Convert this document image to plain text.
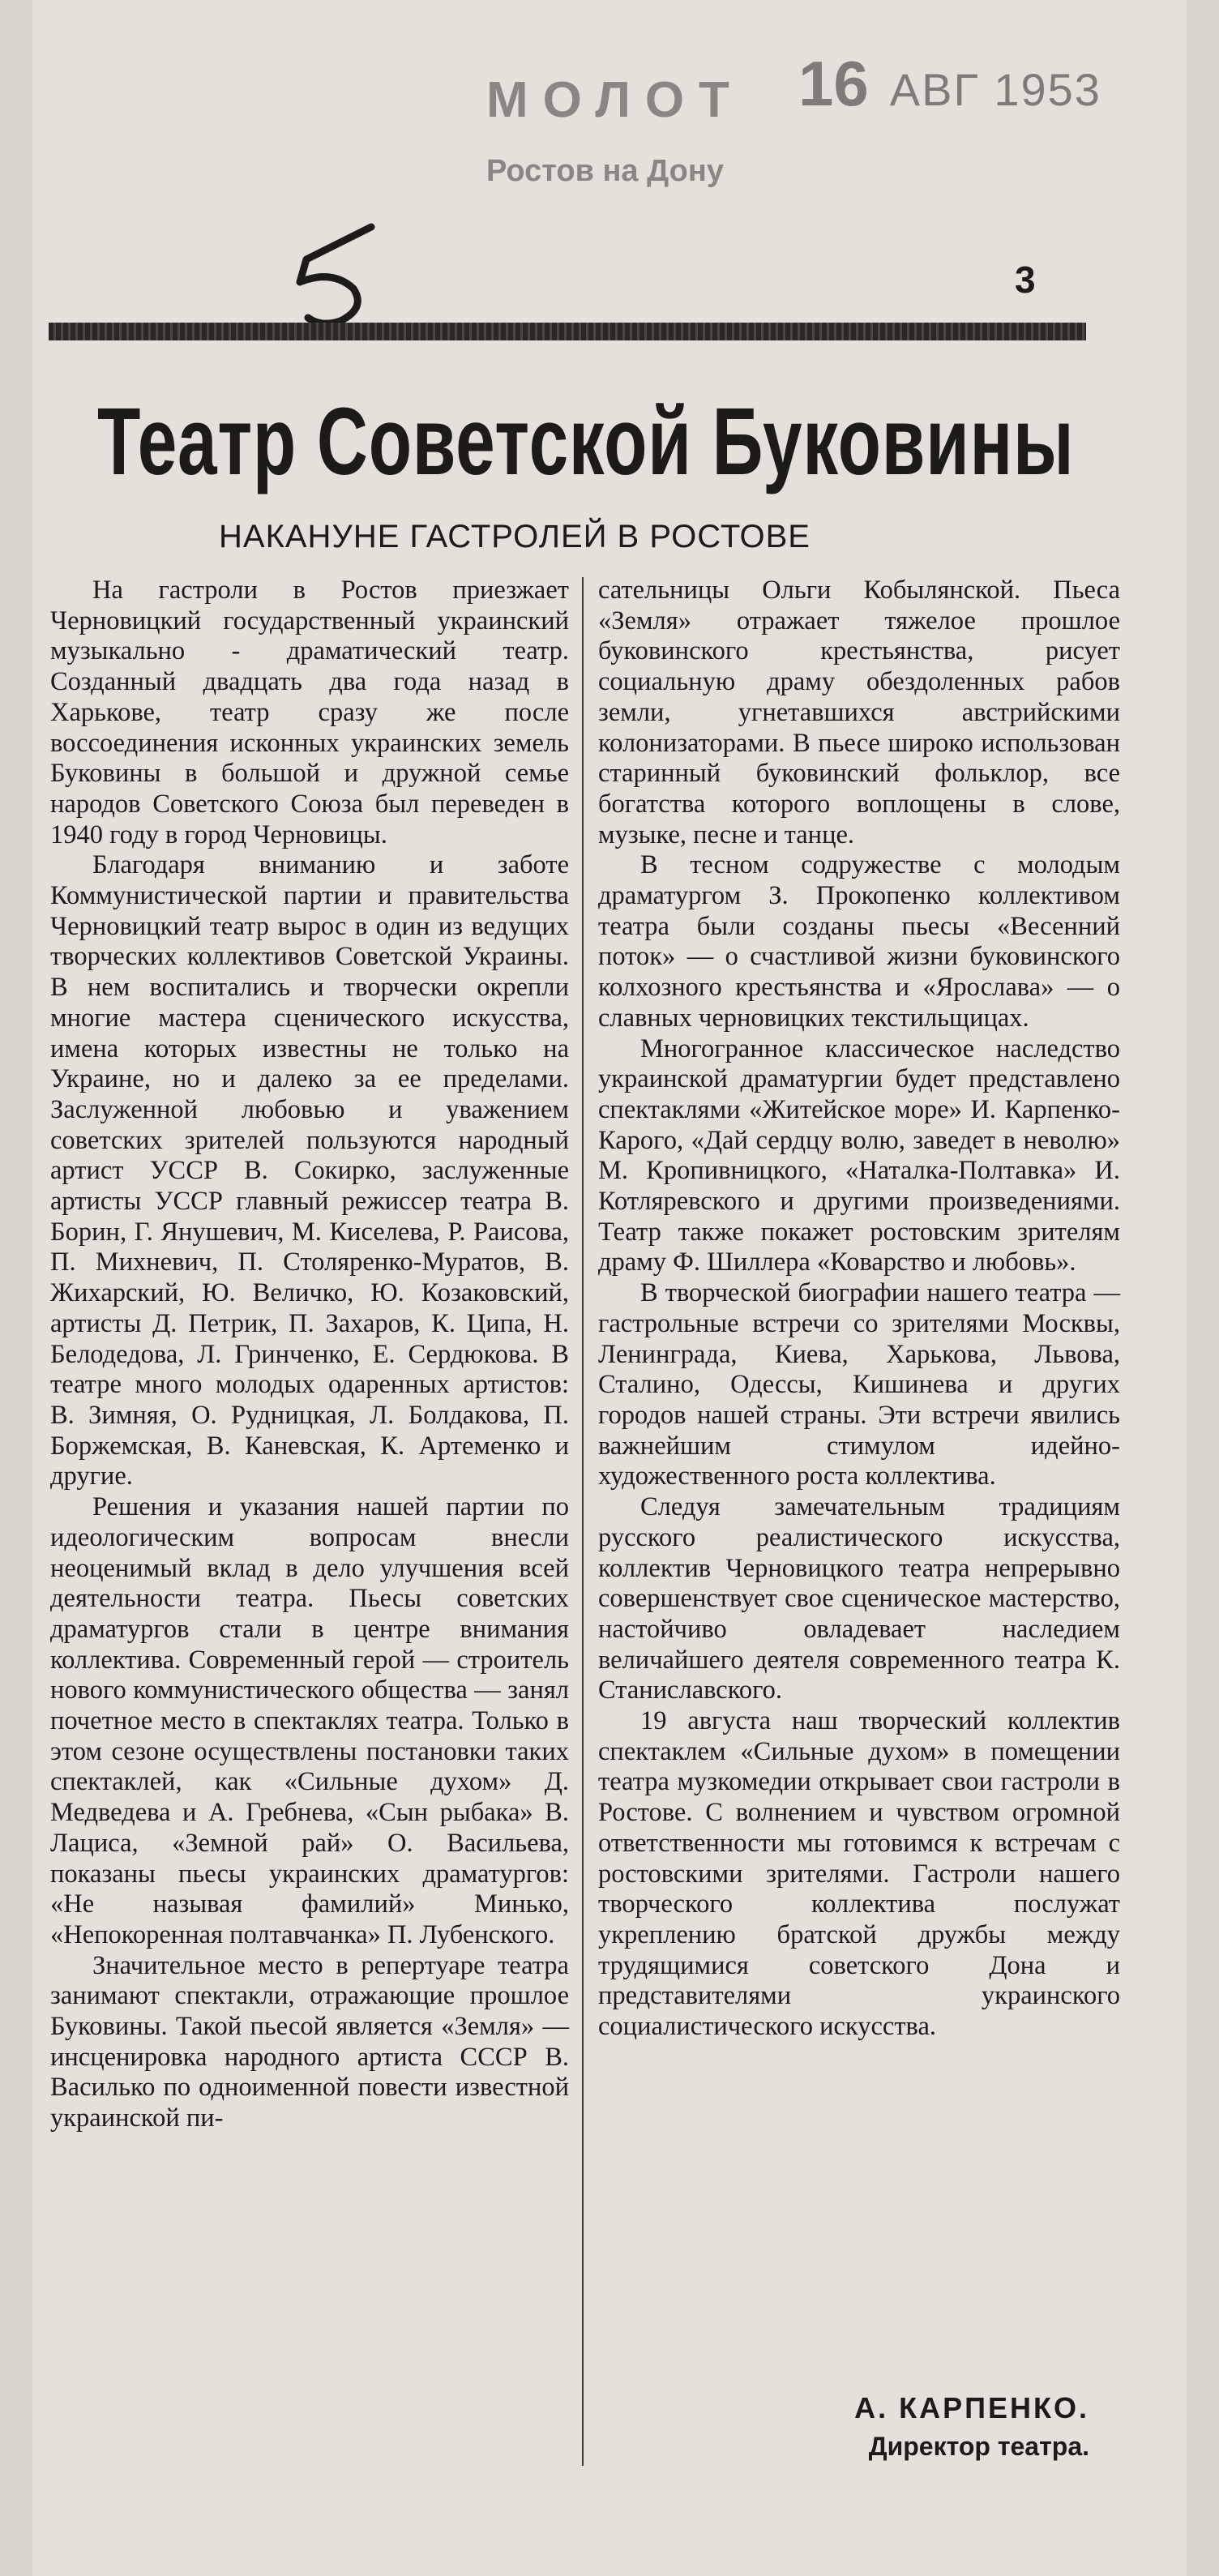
МОЛОТ
Ростов на Дону
16 АВГ 1953
3
Театр Советской Буковины
НАКАНУНЕ ГАСТРОЛЕЙ В РОСТОВЕ

На гастроли в Ростов приезжает Черновицкий государственный украинский музыкально - драматический театр. Созданный двадцать два года назад в Харькове, театр сразу же после воссоединения исконных украинских земель Буковины в большой и дружной семье народов Советского Союза был переведен в 1940 году в город Черновицы.

Благодаря вниманию и заботе Коммунистической партии и правительства Черновицкий театр вырос в один из ведущих творческих коллективов Советской Украины. В нем воспитались и творчески окрепли многие мастера сценического искусства, имена которых известны не только на Украине, но и далеко за ее пределами. Заслуженной любовью и уважением советских зрителей пользуются народный артист УССР В. Сокирко, заслуженные артисты УССР главный режиссер театра В. Борин, Г. Янушевич, М. Киселева, Р. Раисова, П. Михневич, П. Столяренко-Муратов, В. Жихарский, Ю. Величко, Ю. Козаковский, артисты Д. Петрик, П. Захаров, К. Ципа, Н. Белодедова, Л. Гринченко, Е. Сердюкова. В театре много молодых одаренных артистов: В. Зимняя, О. Рудницкая, Л. Болдакова, П. Боржемская, В. Каневская, К. Артеменко и другие.

Решения и указания нашей партии по идеологическим вопросам внесли неоценимый вклад в дело улучшения всей деятельности театра. Пьесы советских драматургов стали в центре внимания коллектива. Современный герой — строитель нового коммунистического общества — занял почетное место в спектаклях театра. Только в этом сезоне осуществлены постановки таких спектаклей, как «Сильные духом» Д. Медведева и А. Гребнева, «Сын рыбака» В. Лациса, «Земной рай» О. Васильева, показаны пьесы украинских драматургов: «Не называя фамилий» Минько, «Непокоренная полтавчанка» П. Лубенского.

Значительное место в репертуаре театра занимают спектакли, отражающие прошлое Буковины. Такой пьесой является «Земля» — инсценировка народного артиста СССР В. Василько по одноименной повести известной украинской пи-

сательницы Ольги Кобылянской. Пьеса «Земля» отражает тяжелое прошлое буковинского крестьянства, рисует социальную драму обездоленных рабов земли, угнетавшихся австрийскими колонизаторами. В пьесе широко использован старинный буковинский фольклор, все богатства которого воплощены в слове, музыке, песне и танце.

В тесном содружестве с молодым драматургом З. Прокопенко коллективом театра были созданы пьесы «Весенний поток» — о счастливой жизни буковинского колхозного крестьянства и «Ярослава» — о славных черновицких текстильщицах.

Многогранное классическое наследство украинской драматургии будет представлено спектаклями «Житейское море» И. Карпенко-Карого, «Дай сердцу волю, заведет в неволю» М. Кропивницкого, «Наталка-Полтавка» И. Котляревского и другими произведениями. Театр также покажет ростовским зрителям драму Ф. Шиллера «Коварство и любовь».

В творческой биографии нашего театра — гастрольные встречи со зрителями Москвы, Ленинграда, Киева, Харькова, Львова, Сталино, Одессы, Кишинева и других городов нашей страны. Эти встречи явились важнейшим стимулом идейно-художественного роста коллектива.

Следуя замечательным традициям русского реалистического искусства, коллектив Черновицкого театра непрерывно совершенствует свое сценическое мастерство, настойчиво овладевает наследием величайшего деятеля современного театра К. Станиславского.

19 августа наш творческий коллектив спектаклем «Сильные духом» в помещении театра музкомедии открывает свои гастроли в Ростове. С волнением и чувством огромной ответственности мы готовимся к встречам с ростовскими зрителями. Гастроли нашего творческого коллектива послужат укреплению братской дружбы между трудящимися советского Дона и представителями украинского социалистического искусства.

А. КАРПЕНКО.
Директор театра.
